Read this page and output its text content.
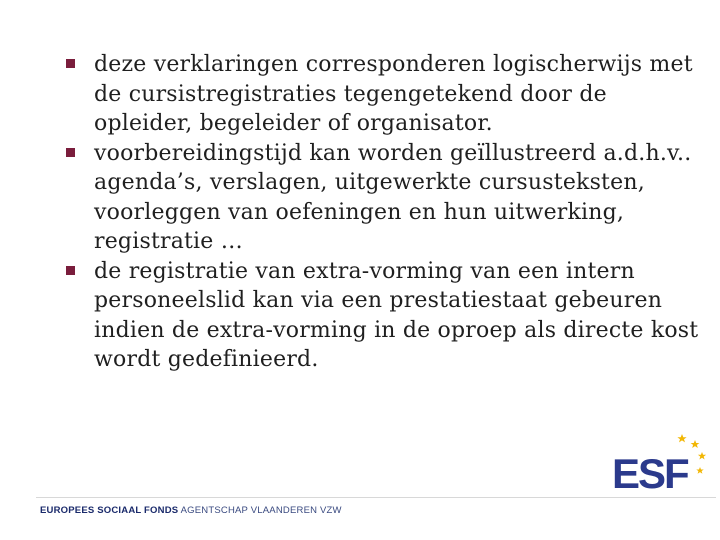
deze verklaringen corresponderen logischerwijs met de cursistregistraties tegengetekend door de opleider, begeleider of organisator.
voorbereidingstijd kan worden geïllustreerd a.d.h.v.. agenda’s, verslagen, uitgewerkte cursusteksten, voorleggen van oefeningen en hun uitwerking, registratie …
de registratie van extra-vorming van een intern personeelslid kan via een prestatiestaat gebeuren indien de extra-vorming in de oproep als directe kost wordt gedefinieerd.
ESF
EUROPEES SOCIAAL FONDS AGENTSCHAP VLAANDEREN VZW
